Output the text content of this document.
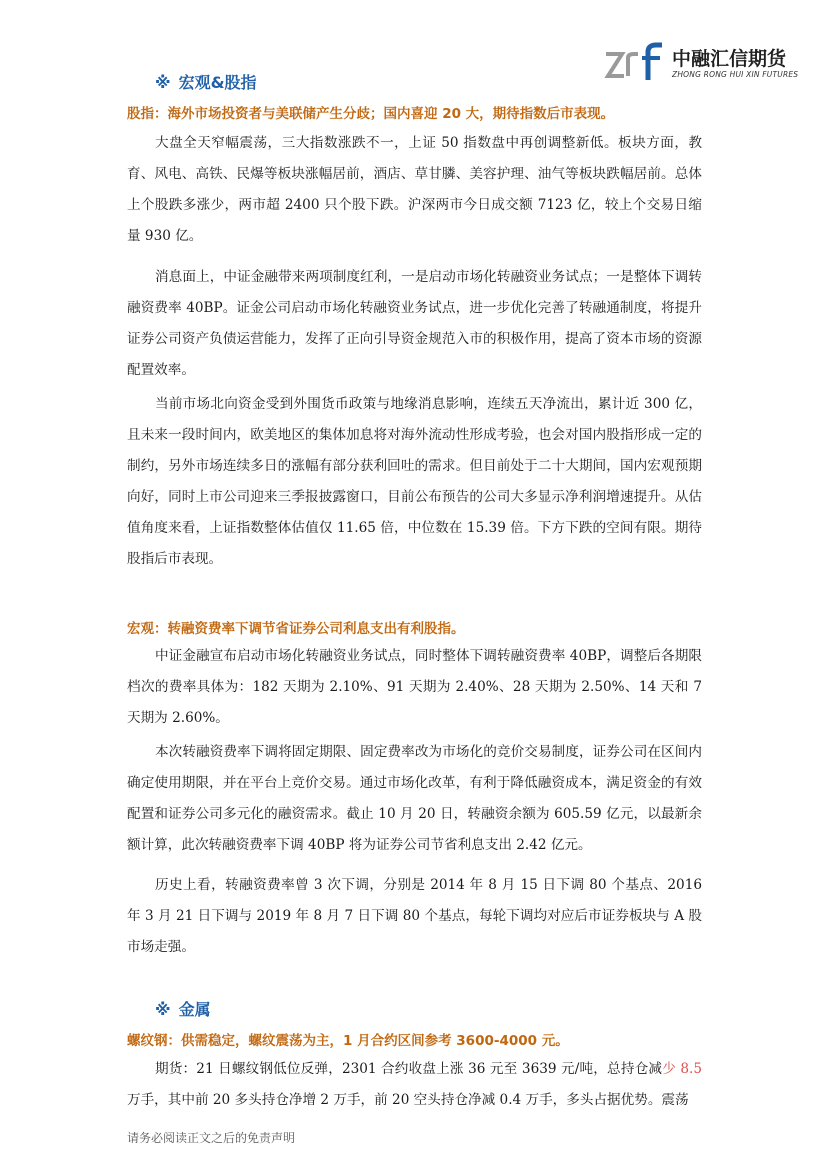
中融汇信期货
ZHONG RONG HUI XIN FUTURES
※ 宏观&股指
股指：海外市场投资者与美联储产生分歧；国内喜迎 20 大，期待指数后市表现。

大盘全天窄幅震荡，三大指数涨跌不一，上证 50 指数盘中再创调整新低。板块方面，教育、风电、高铁、民爆等板块涨幅居前，酒店、草甘膦、美容护理、油气等板块跌幅居前。总体上个股跌多涨少，两市超 2400 只个股下跌。沪深两市今日成交额 7123 亿，较上个交易日缩量 930 亿。

消息面上，中证金融带来两项制度红利，一是启动市场化转融资业务试点；一是整体下调转融资费率 40BP。证金公司启动市场化转融资业务试点，进一步优化完善了转融通制度，将提升证券公司资产负债运营能力，发挥了正向引导资金规范入市的积极作用，提高了资本市场的资源配置效率。

当前市场北向资金受到外围货币政策与地缘消息影响，连续五天净流出，累计近 300 亿，且未来一段时间内，欧美地区的集体加息将对海外流动性形成考验，也会对国内股指形成一定的制约，另外市场连续多日的涨幅有部分获利回吐的需求。但目前处于二十大期间，国内宏观预期向好，同时上市公司迎来三季报披露窗口，目前公布预告的公司大多显示净利润增速提升。从估值角度来看，上证指数整体估值仅 11.65 倍，中位数在 15.39 倍。下方下跌的空间有限。期待股指后市表现。

宏观：转融资费率下调节省证券公司利息支出有利股指。

中证金融宣布启动市场化转融资业务试点，同时整体下调转融资费率 40BP，调整后各期限档次的费率具体为：182 天期为 2.10%、91 天期为 2.40%、28 天期为 2.50%、14 天和 7 天期为 2.60%。

本次转融资费率下调将固定期限、固定费率改为市场化的竞价交易制度，证券公司在区间内确定使用期限，并在平台上竞价交易。通过市场化改革，有利于降低融资成本，满足资金的有效配置和证券公司多元化的融资需求。截止 10 月 20 日，转融资余额为 605.59 亿元，以最新余额计算，此次转融资费率下调 40BP 将为证券公司节省利息支出 2.42 亿元。

历史上看，转融资费率曾 3 次下调，分别是 2014 年 8 月 15 日下调 80 个基点、2016 年 3 月 21 日下调与 2019 年 8 月 7 日下调 80 个基点，每轮下调均对应后市证券板块与 A 股市场走强。

※ 金属
螺纹钢：供需稳定，螺纹震荡为主，1 月合约区间参考 3600-4000 元。

期货：21 日螺纹钢低位反弹，2301 合约收盘上涨 36 元至 3639 元/吨，总持仓减少 8.5万手，其中前 20 多头持仓净增 2 万手，前 20 空头持仓净减 0.4 万手，多头占据优势。震荡

请务必阅读正文之后的免责声明
